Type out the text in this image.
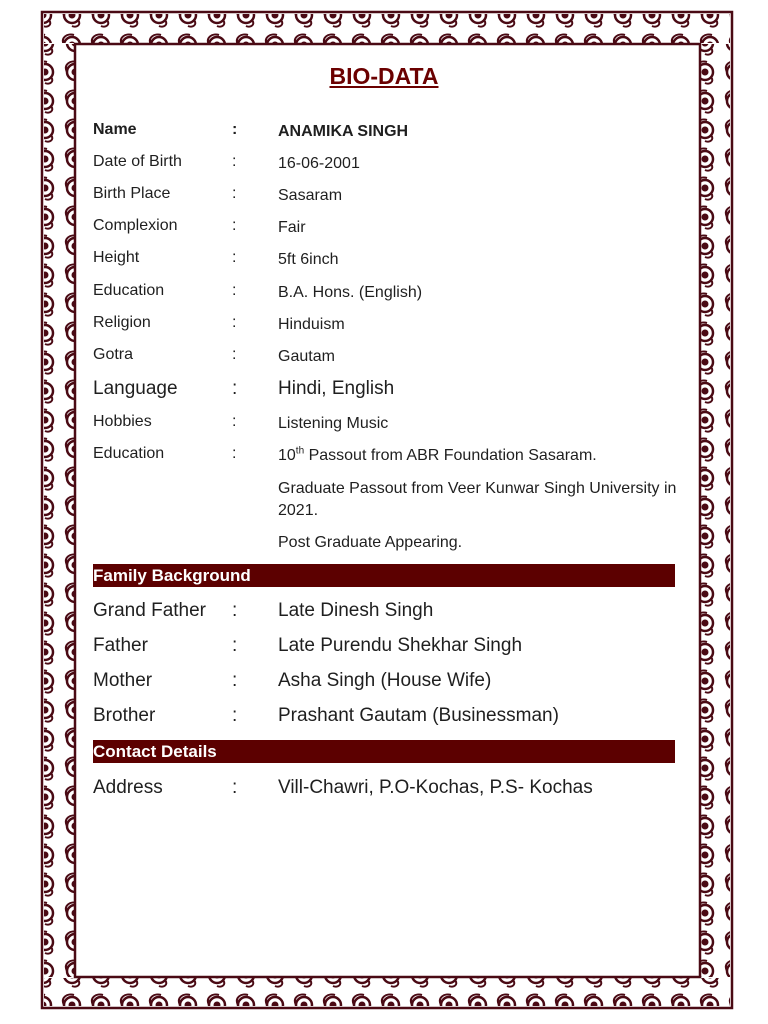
BIO-DATA
Name	:	ANAMIKA SINGH
Date of Birth	:	16-06-2001
Birth Place	:	Sasaram
Complexion	:	Fair
Height	:	5ft 6inch
Education	:	B.A. Hons. (English)
Religion	:	Hinduism
Gotra	:	Gautam
Language	: Hindi, English
Hobbies	:	Listening Music
Education	:	10th Passout from ABR Foundation Sasaram.
Graduate Passout from Veer Kunwar Singh University in 2021.
Post Graduate Appearing.
Family Background
Grand Father : Late Dinesh Singh
Father	: Late Purendu Shekhar Singh
Mother	: Asha Singh (House Wife)
Brother	: Prashant Gautam (Businessman)
Contact Details
Address	: Vill-Chawri, P.O-Kochas, P.S- Kochas
